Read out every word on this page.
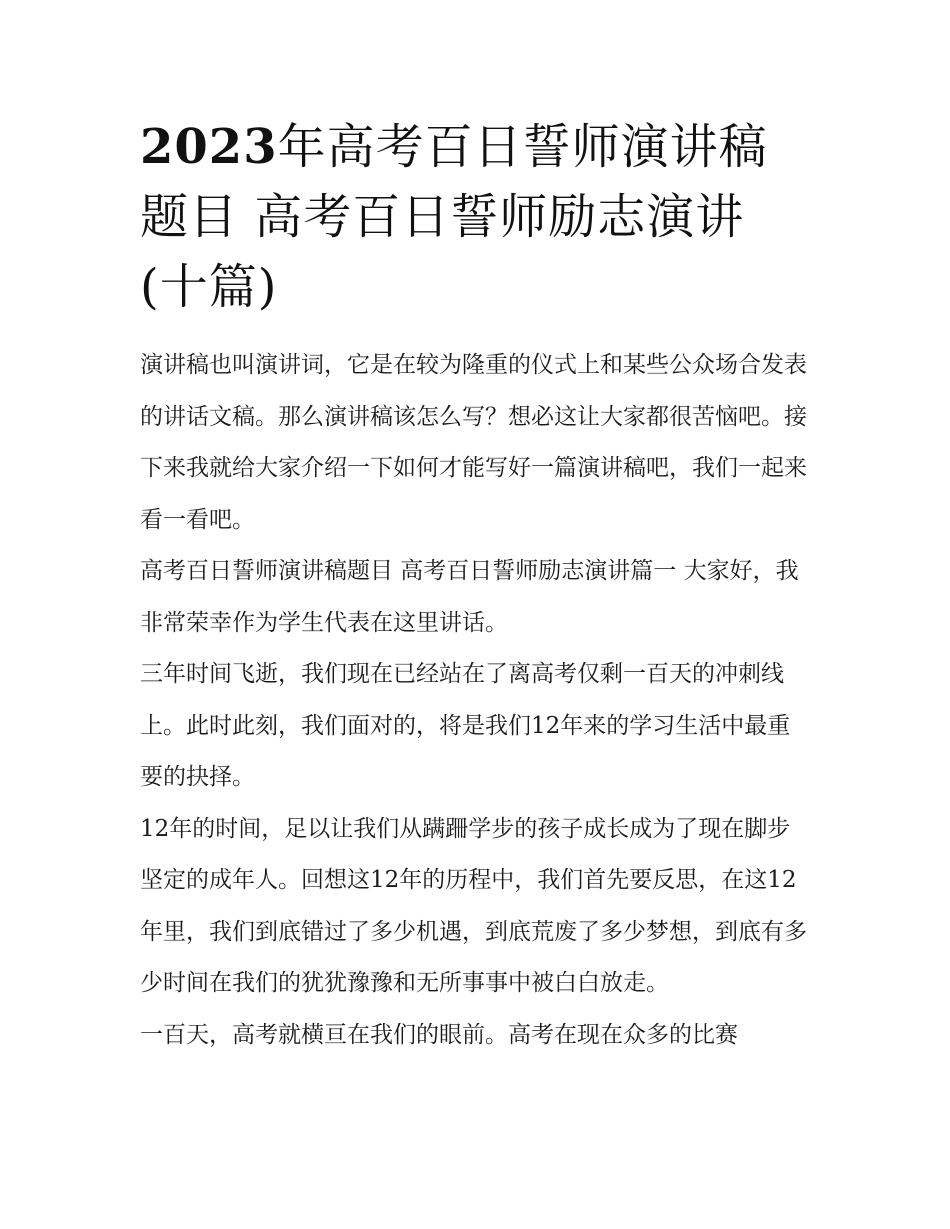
2023年高考百日誓师演讲稿题目 高考百日誓师励志演讲(十篇)

演讲稿也叫演讲词，它是在较为隆重的仪式上和某些公众场合发表的讲话文稿。那么演讲稿该怎么写？想必这让大家都很苦恼吧。接下来我就给大家介绍一下如何才能写好一篇演讲稿吧，我们一起来看一看吧。

高考百日誓师演讲稿题目 高考百日誓师励志演讲篇一 大家好，我非常荣幸作为学生代表在这里讲话。

三年时间飞逝，我们现在已经站在了离高考仅剩一百天的冲刺线上。此时此刻，我们面对的，将是我们12年来的学习生活中最重要的抉择。

12年的时间，足以让我们从蹒跚学步的孩子成长成为了现在脚步坚定的成年人。回想这12年的历程中，我们首先要反思，在这12年里，我们到底错过了多少机遇，到底荒废了多少梦想，到底有多少时间在我们的犹犹豫豫和无所事事中被白白放走。

一百天，高考就横亘在我们的眼前。高考在现在众多的比赛
